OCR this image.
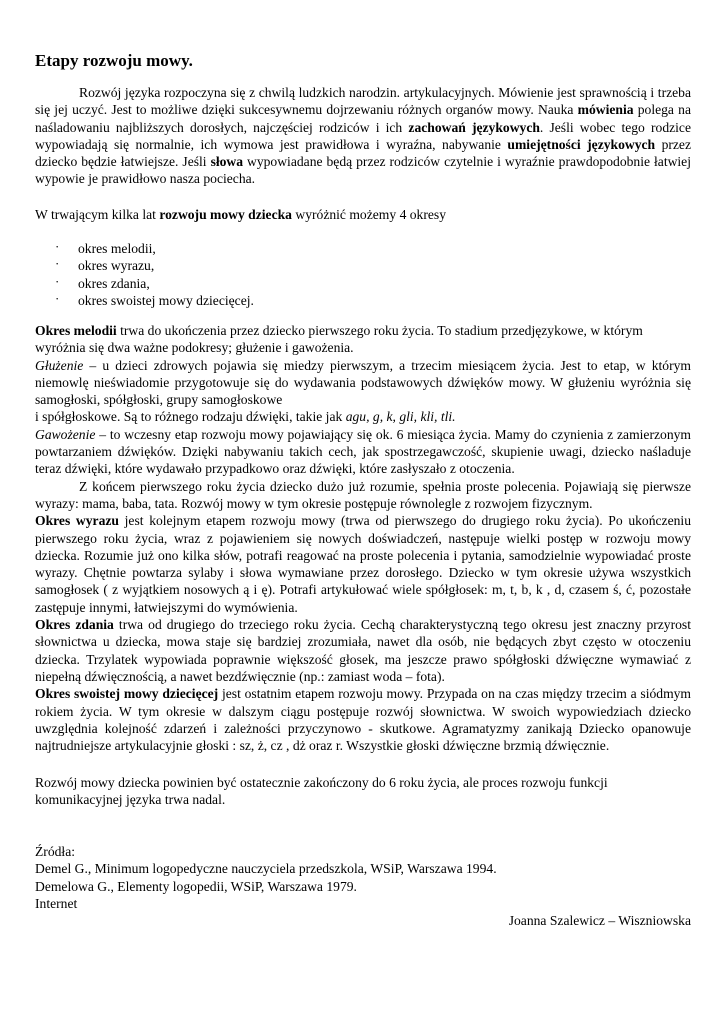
Etapy rozwoju mowy.

Rozwój języka rozpoczyna się z chwilą ludzkich narodzin. artykulacyjnych. Mówienie jest sprawnością i trzeba się jej uczyć. Jest to możliwe dzięki sukcesywnemu dojrzewaniu różnych organów mowy. Nauka mówienia polega na naśladowaniu najbliższych dorosłych, najczęściej rodziców i ich zachowań językowych. Jeśli wobec tego rodzice wypowiadają się normalnie, ich wymowa jest prawidłowa i wyraźna, nabywanie umiejętności językowych przez dziecko będzie łatwiejsze. Jeśli słowa wypowiadane będą przez rodziców czytelnie i wyraźnie prawdopodobnie łatwiej wypowie je prawidłowo nasza pociecha.

W trwającym kilka lat rozwoju mowy dziecka wyróżnić możemy 4 okresy

· okres melodii,
· okres wyrazu,
· okres zdania,
· okres swoistej mowy dziecięcej.
Okres melodii trwa do ukończenia przez dziecko pierwszego roku życia. To stadium przedjęzykowe, w którym wyróżnia się dwa ważne podokresy; głużenie i gawożenia.
Głużenie – u dzieci zdrowych pojawia się miedzy pierwszym, a trzecim miesiącem życia. Jest to etap, w którym niemowlę nieświadomie przygotowuje się do wydawania podstawowych dźwięków mowy. W głużeniu wyróżnia się samogłoski, spółgłoski, grupy samogłoskowe
i spółgłoskowe. Są to różnego rodzaju dźwięki, takie jak agu, g, k, gli, kli, tli.
Gawożenie – to wczesny etap rozwoju mowy pojawiający się ok. 6 miesiąca życia. Mamy do czynienia z zamierzonym powtarzaniem dźwięków. Dzięki nabywaniu takich cech, jak spostrzegawczość, skupienie uwagi, dziecko naśladuje teraz dźwięki, które wydawało przypadkowo oraz dźwięki, które zasłyszało z otoczenia.
Z końcem pierwszego roku życia dziecko dużo już rozumie, spełnia proste polecenia. Pojawiają się pierwsze wyrazy: mama, baba, tata. Rozwój mowy w tym okresie postępuje równolegle z rozwojem fizycznym.
Okres wyrazu jest kolejnym etapem rozwoju mowy (trwa od pierwszego do drugiego roku życia). Po ukończeniu pierwszego roku życia, wraz z pojawieniem się nowych doświadczeń, następuje wielki postęp w rozwoju mowy dziecka. Rozumie już ono kilka słów, potrafi reagować na proste polecenia i pytania, samodzielnie wypowiadać proste wyrazy. Chętnie powtarza sylaby i słowa wymawiane przez dorosłego. Dziecko w tym okresie używa wszystkich samogłosek ( z wyjątkiem nosowych ą i ę). Potrafi artykułować wiele spółgłosek: m, t, b, k , d, czasem ś, ć, pozostałe zastępuje innymi, łatwiejszymi do wymówienia.
Okres zdania trwa od drugiego do trzeciego roku życia. Cechą charakterystyczną tego okresu jest znaczny przyrost słownictwa u dziecka, mowa staje się bardziej zrozumiała, nawet dla osób, nie będących zbyt często w otoczeniu dziecka. Trzylatek wypowiada poprawnie większość głosek, ma jeszcze prawo spółgłoski dźwięczne wymawiać z niepełną dźwięcznością, a nawet bezdźwięcznie (np.: zamiast woda – fota).
Okres swoistej mowy dziecięcej jest ostatnim etapem rozwoju mowy. Przypada on na czas między trzecim a siódmym rokiem życia. W tym okresie w dalszym ciągu postępuje rozwój słownictwa. W swoich wypowiedziach dziecko uwzględnia kolejność zdarzeń i zależności przyczynowo - skutkowe. Agramatyzmy zanikają Dziecko opanowuje najtrudniejsze artykulacyjnie głoski : sz, ż, cz , dż oraz r. Wszystkie głoski dźwięczne brzmią dźwięcznie.

Rozwój mowy dziecka powinien być ostatecznie zakończony do 6 roku życia, ale proces rozwoju funkcji komunikacyjnej języka trwa nadal.

Źródła:
Demel G., Minimum logopedyczne nauczyciela przedszkola, WSiP, Warszawa 1994.
Demelowa G., Elementy logopedii, WSiP, Warszawa 1979.
Internet
Joanna Szalewicz – Wiszniowska
